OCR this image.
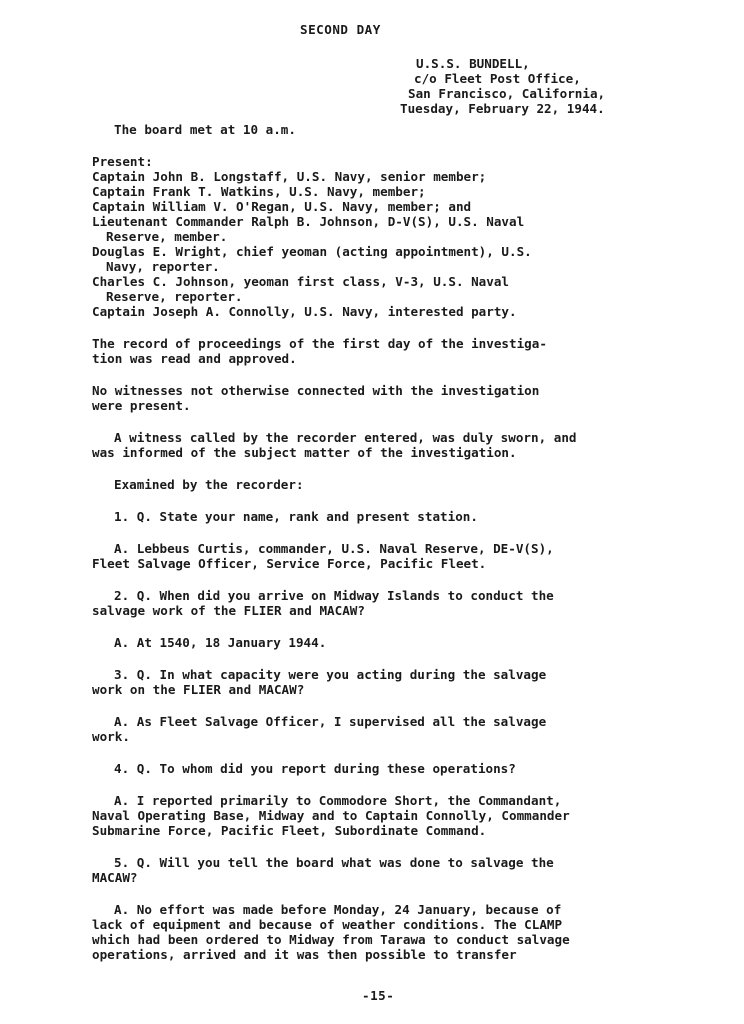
SECOND DAY
U.S.S. BUNDELL,
c/o Fleet Post Office,
San Francisco, California,
Tuesday, February 22, 1944.
The board met at 10 a.m.
Present:
Captain John B. Longstaff, U.S. Navy, senior member;
Captain Frank T. Watkins, U.S. Navy, member;
Captain William V. O'Regan, U.S. Navy, member; and
Lieutenant Commander Ralph B. Johnson, D-V(S), U.S. Naval
Reserve, member.
Douglas E. Wright, chief yeoman (acting appointment), U.S.
Navy, reporter.
Charles C. Johnson, yeoman first class, V-3, U.S. Naval
Reserve, reporter.
Captain Joseph A. Connolly, U.S. Navy, interested party.
The record of proceedings of the first day of the investiga-
tion was read and approved.
No witnesses not otherwise connected with the investigation
were present.
A witness called by the recorder entered, was duly sworn, and
was informed of the subject matter of the investigation.
Examined by the recorder:
1. Q. State your name, rank and present station.
A. Lebbeus Curtis, commander, U.S. Naval Reserve, DE-V(S),
Fleet Salvage Officer, Service Force, Pacific Fleet.
2. Q. When did you arrive on Midway Islands to conduct the
salvage work of the FLIER and MACAW?
A. At 1540, 18 January 1944.
3. Q. In what capacity were you acting during the salvage
work on the FLIER and MACAW?
A. As Fleet Salvage Officer, I supervised all the salvage
work.
4. Q. To whom did you report during these operations?
A. I reported primarily to Commodore Short, the Commandant,
Naval Operating Base, Midway and to Captain Connolly, Commander
Submarine Force, Pacific Fleet, Subordinate Command.
5. Q. Will you tell the board what was done to salvage the
MACAW?
A. No effort was made before Monday, 24 January, because of
lack of equipment and because of weather conditions. The CLAMP
which had been ordered to Midway from Tarawa to conduct salvage
operations, arrived and it was then possible to transfer
-15-
